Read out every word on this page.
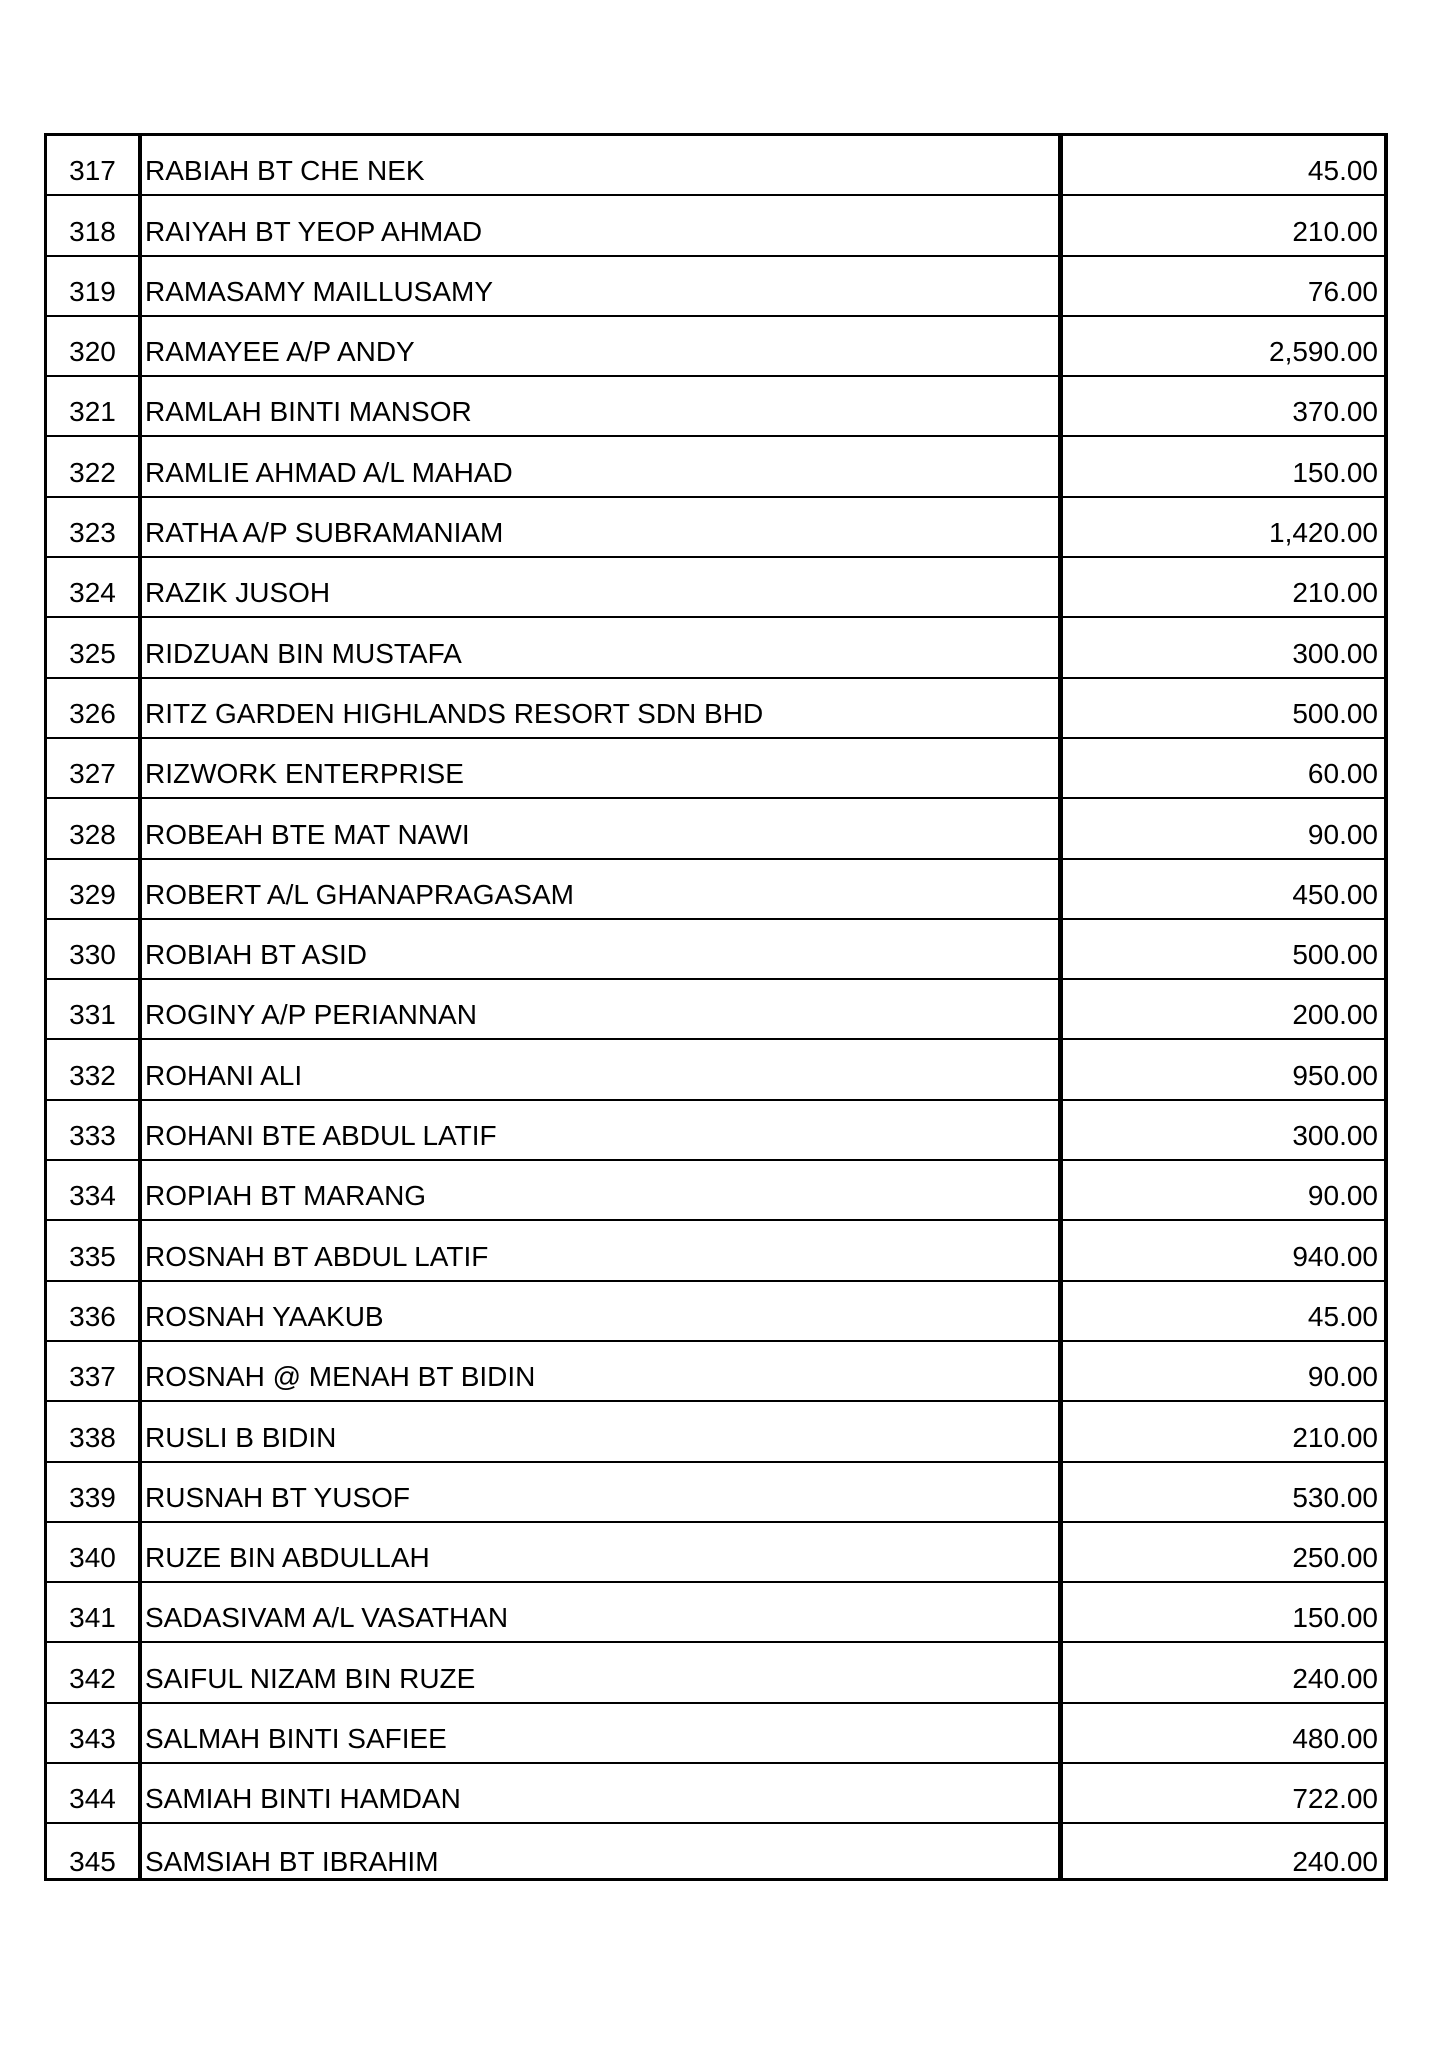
317	RABIAH BT CHE NEK	45.00
318	RAIYAH BT YEOP AHMAD	210.00
319	RAMASAMY MAILLUSAMY	76.00
320	RAMAYEE A/P ANDY	2,590.00
321	RAMLAH BINTI MANSOR	370.00
322	RAMLIE AHMAD A/L MAHAD	150.00
323	RATHA A/P SUBRAMANIAM	1,420.00
324	RAZIK JUSOH	210.00
325	RIDZUAN BIN MUSTAFA	300.00
326	RITZ GARDEN HIGHLANDS RESORT SDN BHD	500.00
327	RIZWORK ENTERPRISE	60.00
328	ROBEAH BTE MAT NAWI	90.00
329	ROBERT A/L GHANAPRAGASAM	450.00
330	ROBIAH BT ASID	500.00
331	ROGINY A/P PERIANNAN	200.00
332	ROHANI ALI	950.00
333	ROHANI BTE ABDUL LATIF	300.00
334	ROPIAH BT MARANG	90.00
335	ROSNAH BT ABDUL LATIF	940.00
336	ROSNAH YAAKUB	45.00
337	ROSNAH @ MENAH BT BIDIN	90.00
338	RUSLI B BIDIN	210.00
339	RUSNAH BT YUSOF	530.00
340	RUZE BIN ABDULLAH	250.00
341	SADASIVAM A/L VASATHAN	150.00
342	SAIFUL NIZAM BIN RUZE	240.00
343	SALMAH BINTI SAFIEE	480.00
344	SAMIAH BINTI HAMDAN	722.00
345	SAMSIAH BT IBRAHIM	240.00
